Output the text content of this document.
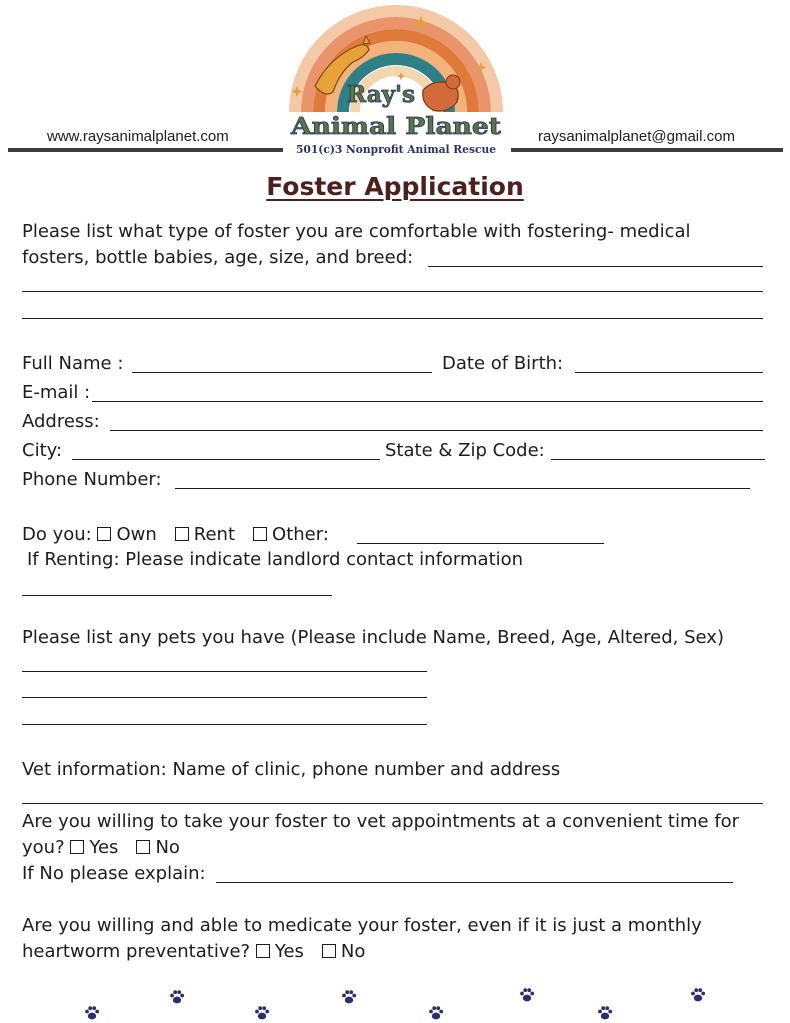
www.raysanimalplanet.com	raysanimalplanet@gmail.com
Ray's
Animal Planet
501(c)3 Nonprofit Animal Rescue
Foster Application
Please list what type of foster you are comfortable with fostering- medical
fosters, bottle babies, age, size, and breed:
Full Name :	Date of Birth:
E-mail :
Address:
City:	State & Zip Code:
Phone Number:
Do you: Own Rent Other:
If Renting: Please indicate landlord contact information
Please list any pets you have (Please include Name, Breed, Age, Altered, Sex)
Vet information: Name of clinic, phone number and address
Are you willing to take your foster to vet appointments at a convenient time for
you? Yes No
If No please explain:
Are you willing and able to medicate your foster, even if it is just a monthly
heartworm preventative? Yes No
